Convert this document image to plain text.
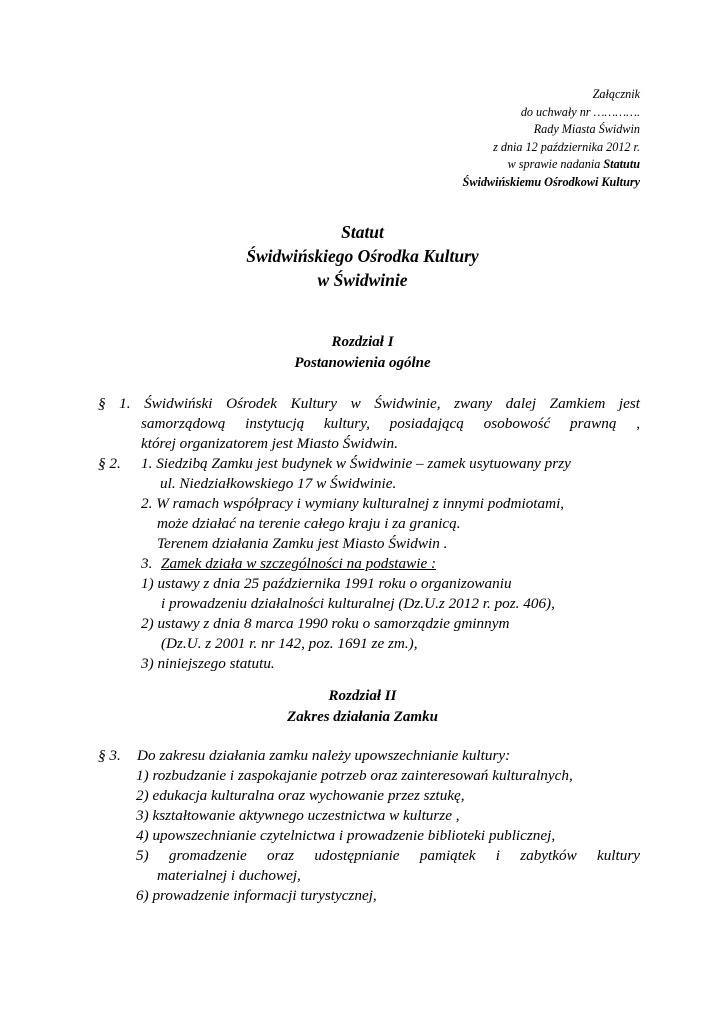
Załącznik
do uchwały nr ………….
Rady Miasta Świdwin
z dnia 12 października 2012 r.
w sprawie nadania Statutu
Świdwińskiemu Ośrodkowi Kultury
Statut
Świdwińskiego Ośrodka Kultury
w Świdwinie
Rozdział I
Postanowienia ogólne
§ 1. Świdwiński Ośrodek Kultury w Świdwinie, zwany dalej Zamkiem jest
samorządową instytucją kultury, posiadającą osobowość prawną ,
której organizatorem jest Miasto Świdwin.
§ 2. 1. Siedzibą Zamku jest budynek w Świdwinie – zamek usytuowany przy
ul. Niedziałkowskiego 17 w Świdwinie.
2. W ramach współpracy i wymiany kulturalnej z innymi podmiotami,
może działać na terenie całego kraju i za granicą.
Terenem działania Zamku jest Miasto Świdwin .
3. Zamek działa w szczególności na podstawie :
1) ustawy z dnia 25 października 1991 roku o organizowaniu
i prowadzeniu działalności kulturalnej (Dz.U.z 2012 r. poz. 406),
2) ustawy z dnia 8 marca 1990 roku o samorządzie gminnym
(Dz.U. z 2001 r. nr 142, poz. 1691 ze zm.),
3) niniejszego statutu.
Rozdział II
Zakres działania Zamku
§ 3. Do zakresu działania zamku należy upowszechnianie kultury:
1) rozbudzanie i zaspokajanie potrzeb oraz zainteresowań kulturalnych,
2) edukacja kulturalna oraz wychowanie przez sztukę,
3) kształtowanie aktywnego uczestnictwa w kulturze ,
4) upowszechnianie czytelnictwa i prowadzenie biblioteki publicznej,
5) gromadzenie oraz udostępnianie pamiątek i zabytków kultury
materialnej i duchowej,
6) prowadzenie informacji turystycznej,
